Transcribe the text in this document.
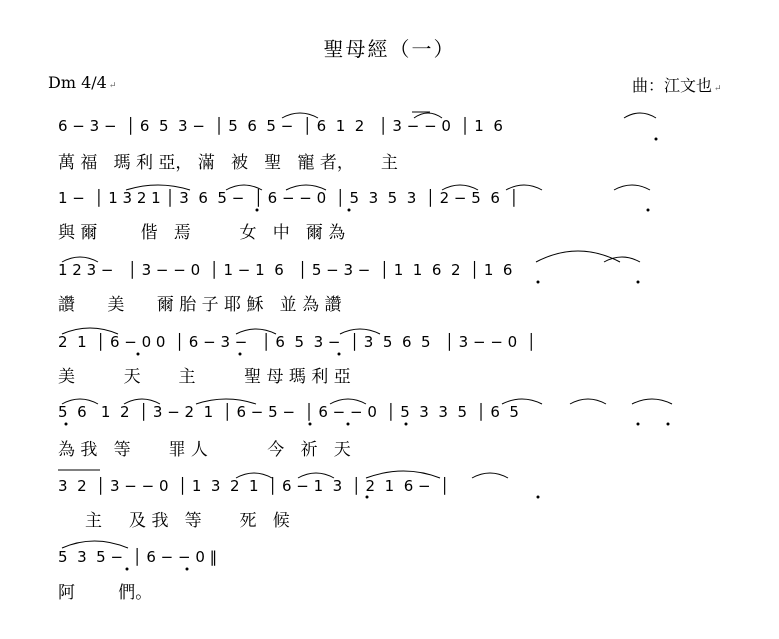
聖母經（一）
Dm 4/4 ↵	曲：江文也 ↵
6 − 3 −  │ 6  5  3 −  │ 5  6  5 −  │ 6  1  2   │ 3 − − 0  │ 1  6
萬 福   瑪 利 亞， 滿   被   聖   寵 者，     主
1 −  │ 1 3 2 1 │ 3  6  5 −  │ 6 − − 0  │ 5  3  5  3  │ 2 − 5  6  │
與 爾        偕   焉         女   中   爾 為
1 2 3 −   │ 3 − − 0  │ 1 − 1  6   │ 5 − 3 −  │ 1  1  6  2  │ 1  6
讚      美      爾 胎 子 耶 穌   並 為 讚
2  1  │ 6 − 0 0  │ 6 − 3 −   │ 6  5  3 −  │ 3  5  6  5   │ 3 − − 0  │
美         天       主         聖 母 瑪 利 亞
5  6   1  2  │ 3 − 2  1  │ 6 − 5 −  │ 6 − − 0  │ 5  3  3  5  │ 6  5
為 我   等       罪 人           今   祈   天
3  2  │ 3 − − 0  │ 1  3  2  1  │ 6 − 1  3  │ 2  1  6 −  │
主     及 我   等       死   候
5  3  5 −  │ 6 − − 0 ‖
阿        們。
